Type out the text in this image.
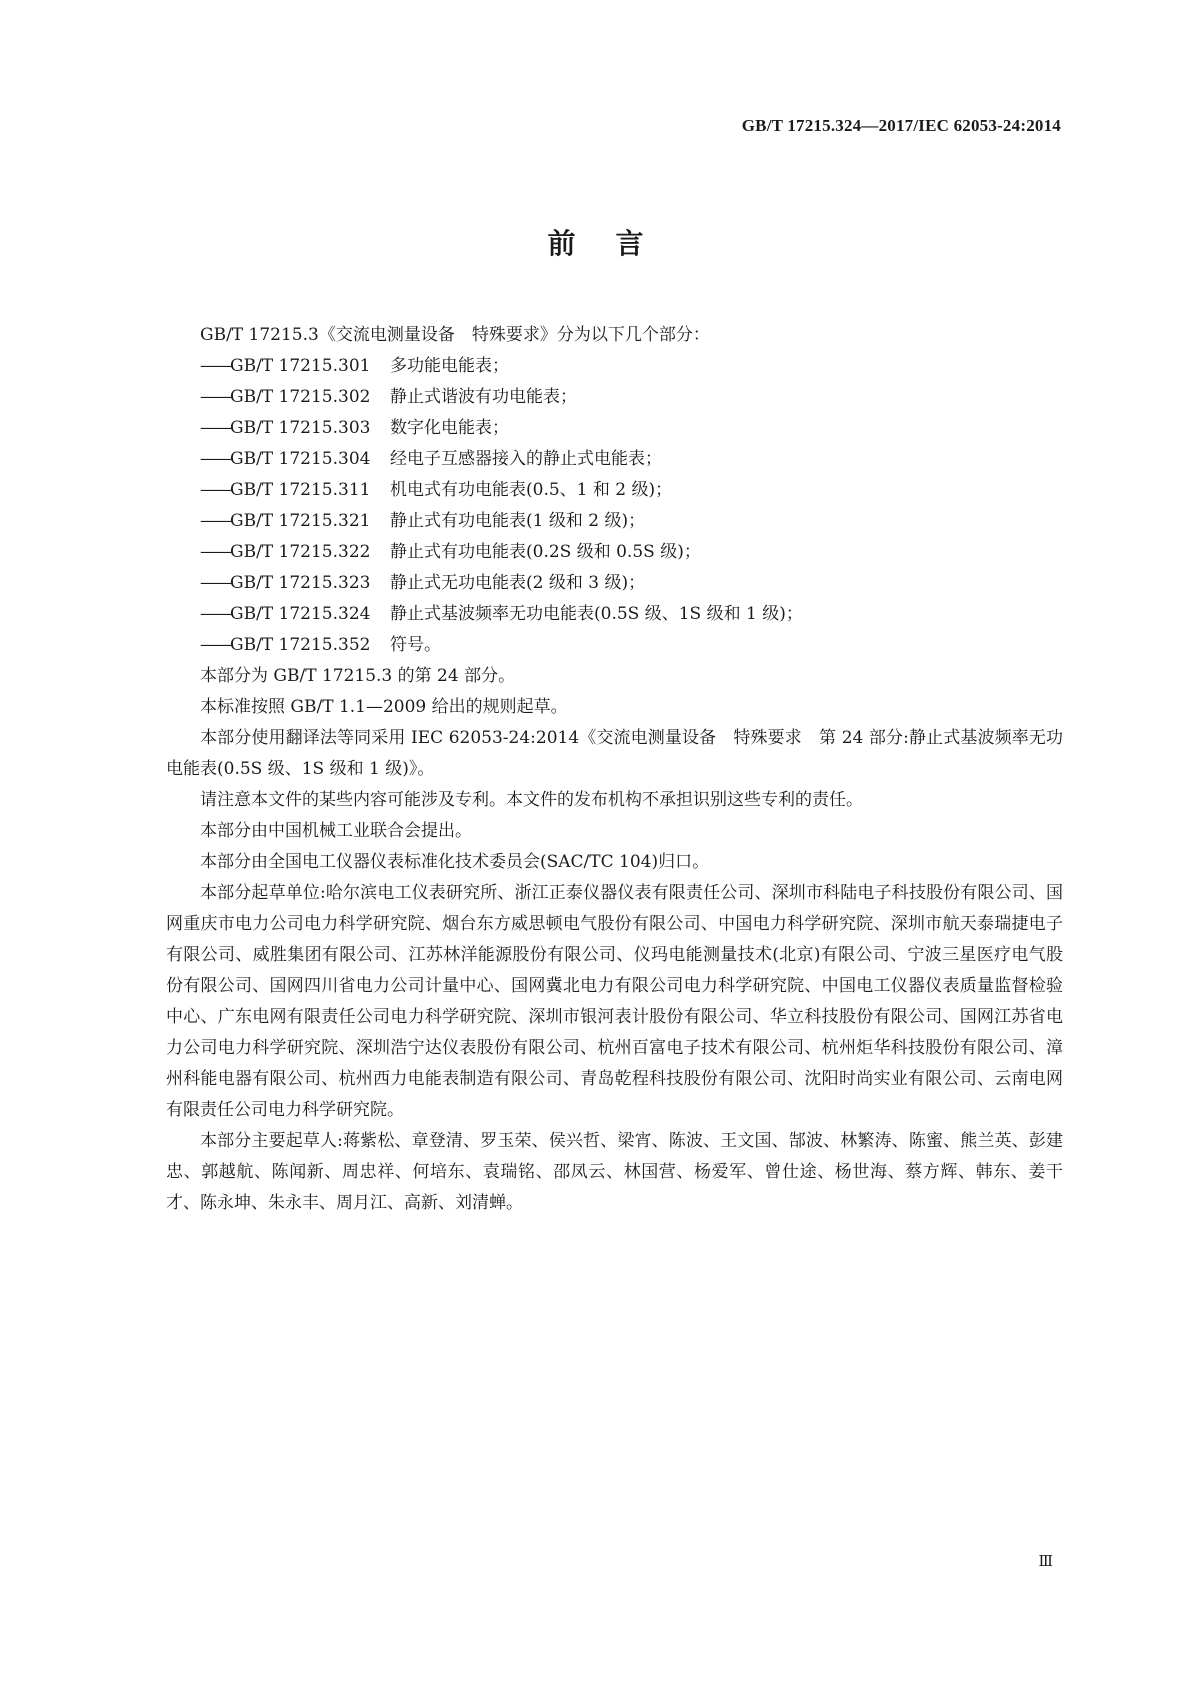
GB/T 17215.324—2017/IEC 62053-24:2014
前言

GB/T 17215.3《交流电测量设备　特殊要求》分为以下几个部分：

——GB/T 17215.301 多功能电能表；
——GB/T 17215.302 静止式谐波有功电能表；
——GB/T 17215.303 数字化电能表；
——GB/T 17215.304 经电子互感器接入的静止式电能表；
——GB/T 17215.311 机电式有功电能表(0.5、1 和 2 级)；
——GB/T 17215.321 静止式有功电能表(1 级和 2 级)；
——GB/T 17215.322 静止式有功电能表(0.2S 级和 0.5S 级)；
——GB/T 17215.323 静止式无功电能表(2 级和 3 级)；
——GB/T 17215.324 静止式基波频率无功电能表(0.5S 级、1S 级和 1 级)；
——GB/T 17215.352 符号。

本部分为 GB/T 17215.3 的第 24 部分。

本标准按照 GB/T 1.1—2009 给出的规则起草。

本部分使用翻译法等同采用 IEC 62053-24:2014《交流电测量设备　特殊要求　第 24 部分:静止式基波频率无功电能表(0.5S 级、1S 级和 1 级)》。

请注意本文件的某些内容可能涉及专利。本文件的发布机构不承担识别这些专利的责任。

本部分由中国机械工业联合会提出。

本部分由全国电工仪器仪表标准化技术委员会(SAC/TC 104)归口。

本部分起草单位:哈尔滨电工仪表研究所、浙江正泰仪器仪表有限责任公司、深圳市科陆电子科技股份有限公司、国网重庆市电力公司电力科学研究院、烟台东方威思顿电气股份有限公司、中国电力科学研究院、深圳市航天泰瑞捷电子有限公司、威胜集团有限公司、江苏林洋能源股份有限公司、仪玛电能测量技术(北京)有限公司、宁波三星医疗电气股份有限公司、国网四川省电力公司计量中心、国网冀北电力有限公司电力科学研究院、中国电工仪器仪表质量监督检验中心、广东电网有限责任公司电力科学研究院、深圳市银河表计股份有限公司、华立科技股份有限公司、国网江苏省电力公司电力科学研究院、深圳浩宁达仪表股份有限公司、杭州百富电子技术有限公司、杭州炬华科技股份有限公司、漳州科能电器有限公司、杭州西力电能表制造有限公司、青岛乾程科技股份有限公司、沈阳时尚实业有限公司、云南电网有限责任公司电力科学研究院。

本部分主要起草人:蒋紫松、章登清、罗玉荣、侯兴哲、梁宵、陈波、王文国、郜波、林繁涛、陈蜜、熊兰英、彭建忠、郭越航、陈闻新、周忠祥、何培东、袁瑞铭、邵凤云、林国营、杨爱军、曾仕途、杨世海、蔡方辉、韩东、姜干才、陈永坤、朱永丰、周月江、高新、刘清蝉。

Ⅲ
